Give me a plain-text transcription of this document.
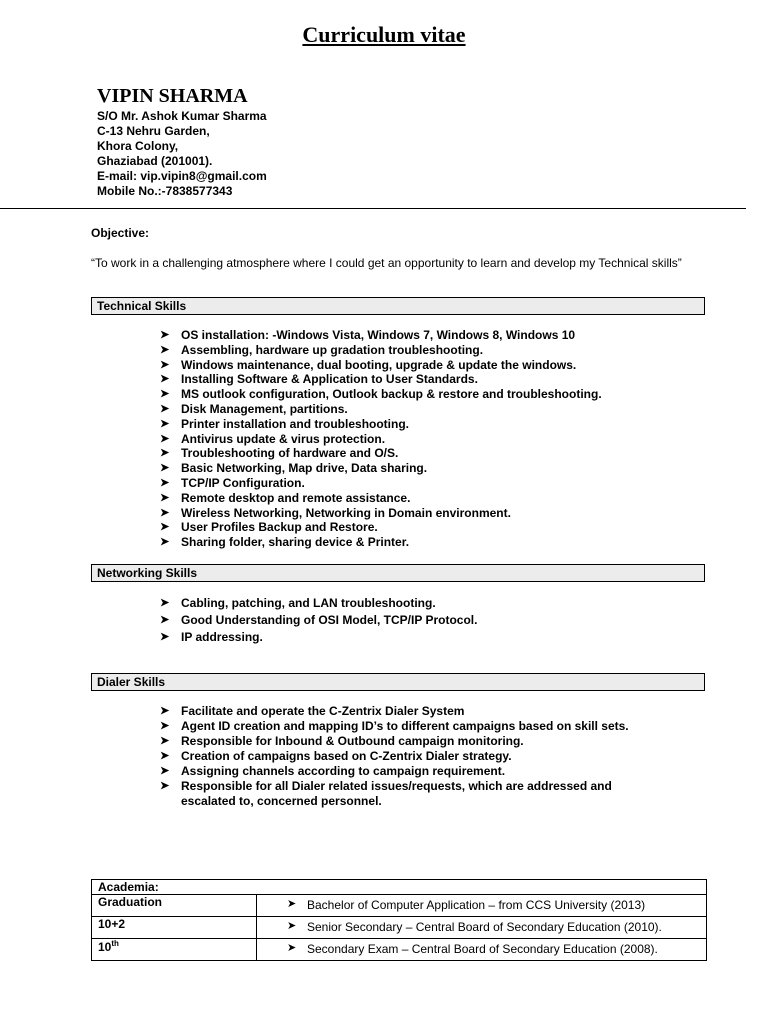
Curriculum vitae
VIPIN SHARMA
S/O Mr. Ashok Kumar Sharma
C-13 Nehru Garden,
Khora Colony,
Ghaziabad (201001).
E-mail: vip.vipin8@gmail.com
Mobile No.:-7838577343
Objective:
“To work in a challenging atmosphere where I could get an opportunity to learn and develop my Technical skills”
Technical Skills
➤ OS installation: -Windows Vista, Windows 7, Windows 8, Windows 10
➤ Assembling, hardware up gradation troubleshooting.
➤ Windows maintenance, dual booting, upgrade & update the windows.
➤ Installing Software & Application to User Standards.
➤ MS outlook configuration, Outlook backup & restore and troubleshooting.
➤ Disk Management, partitions.
➤ Printer installation and troubleshooting.
➤ Antivirus update & virus protection.
➤ Troubleshooting of hardware and O/S.
➤ Basic Networking, Map drive, Data sharing.
➤ TCP/IP Configuration.
➤ Remote desktop and remote assistance.
➤ Wireless Networking, Networking in Domain environment.
➤ User Profiles Backup and Restore.
➤ Sharing folder, sharing device & Printer.
Networking Skills
➤ Cabling, patching, and LAN troubleshooting.
➤ Good Understanding of OSI Model, TCP/IP Protocol.
➤ IP addressing.
Dialer Skills
➤ Facilitate and operate the C-Zentrix Dialer System
➤ Agent ID creation and mapping ID’s to different campaigns based on skill sets.
➤ Responsible for Inbound & Outbound campaign monitoring.
➤ Creation of campaigns based on C-Zentrix Dialer strategy.
➤ Assigning channels according to campaign requirement.
➤ Responsible for all Dialer related issues/requests, which are addressed and escalated to, concerned personnel.
Academia:	
Graduation	➤ Bachelor of Computer Application – from CCS University (2013)
10+2	➤ Senior Secondary – Central Board of Secondary Education (2010).
10th	➤ Secondary Exam – Central Board of Secondary Education (2008).
